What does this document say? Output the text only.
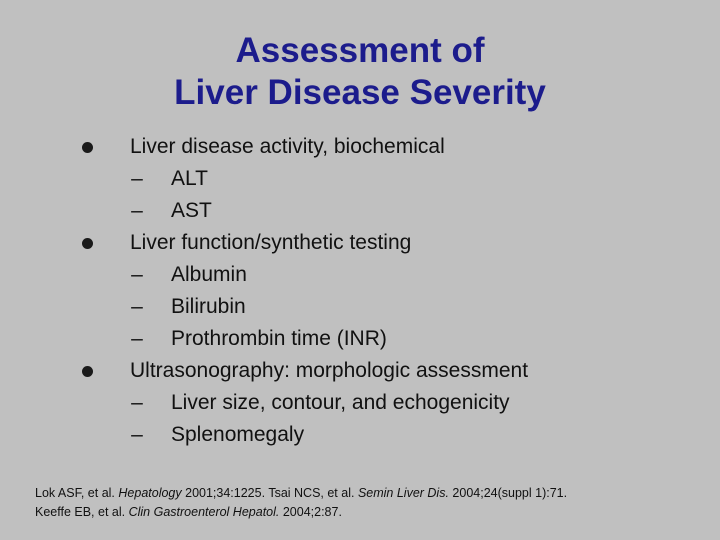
Assessment of
Liver Disease Severity
Liver disease activity, biochemical
– ALT
– AST
Liver function/synthetic testing
– Albumin
– Bilirubin
– Prothrombin time (INR)
Ultrasonography: morphologic assessment
– Liver size, contour, and echogenicity
– Splenomegaly
Lok ASF, et al. Hepatology 2001;34:1225. Tsai NCS, et al. Semin Liver Dis. 2004;24(suppl 1):71.
Keeffe EB, et al. Clin Gastroenterol Hepatol. 2004;2:87.
